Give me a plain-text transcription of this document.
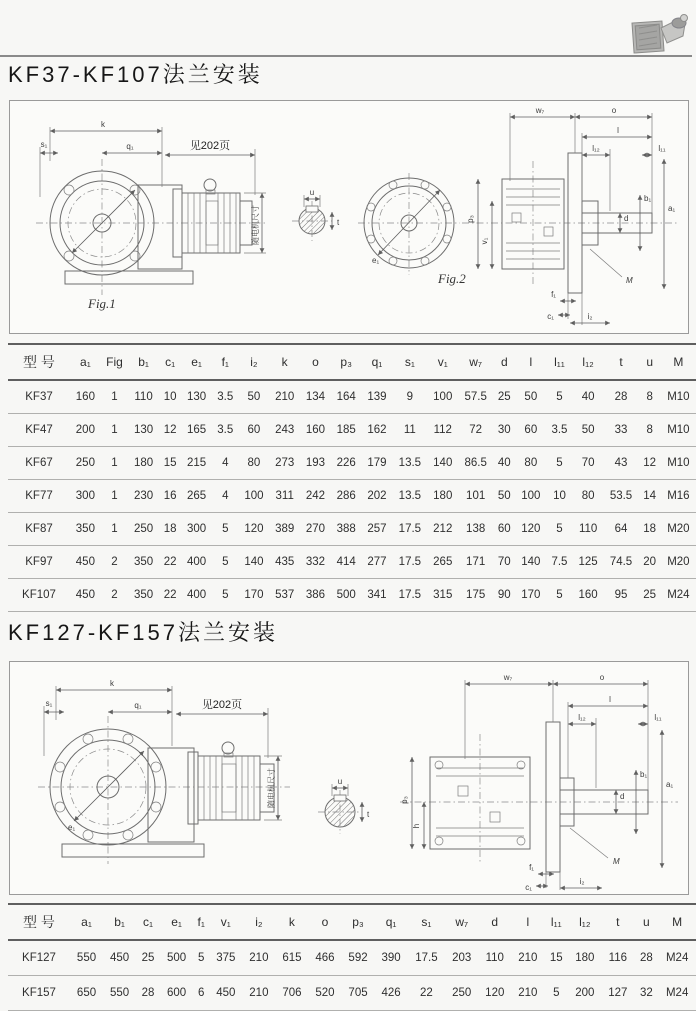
KF37-KF107法兰安装
k
s₁	q₁	见202页
随电机尺寸
Fig.1
u
t
e₁
Fig.2
w₇	o
l
l₁₂	l₁₁
d
b₁
a₁
p₃
v₁
f₁
c₁	i₂
M
型 号	a₁	Fig	b₁	c₁	e₁	f₁	i₂	k	o	p₃	q₁	s₁	v₁	w₇	d	l	l₁₁	l₁₂	t	u	M
KF37	160	1	110	10	130	3.5	50	210	134	164	139	9	100	57.5	25	50	5	40	28	8	M10
KF47	200	1	130	12	165	3.5	60	243	160	185	162	11	112	72	30	60	3.5	50	33	8	M10
KF67	250	1	180	15	215	4	80	273	193	226	179	13.5	140	86.5	40	80	5	70	43	12	M10
KF77	300	1	230	16	265	4	100	311	242	286	202	13.5	180	101	50	100	10	80	53.5	14	M16
KF87	350	1	250	18	300	5	120	389	270	388	257	17.5	212	138	60	120	5	110	64	18	M20
KF97	450	2	350	22	400	5	140	435	332	414	277	17.5	265	171	70	140	7.5	125	74.5	20	M20
KF107	450	2	350	22	400	5	170	537	386	500	341	17.5	315	175	90	170	5	160	95	25	M24
KF127-KF157法兰安装
e₁
k
s₁	q₁	见202页
随电机尺寸	u
t
w₇	o
l
l₁₂	l₁₁
d
b₁
a₁
p₃
h
f₁
c₁
i₂
M
型 号	a₁	b₁	c₁	e₁	f₁	v₁	i₂	k	o	p₃	q₁	s₁	w₇	d	l	l₁₁	l₁₂	t	u	M
KF127	550	450	25	500	5	375	210	615	466	592	390	17.5	203	110	210	15	180	116	28	M24
KF157	650	550	28	600	6	450	210	706	520	705	426	22	250	120	210	5	200	127	32	M24
